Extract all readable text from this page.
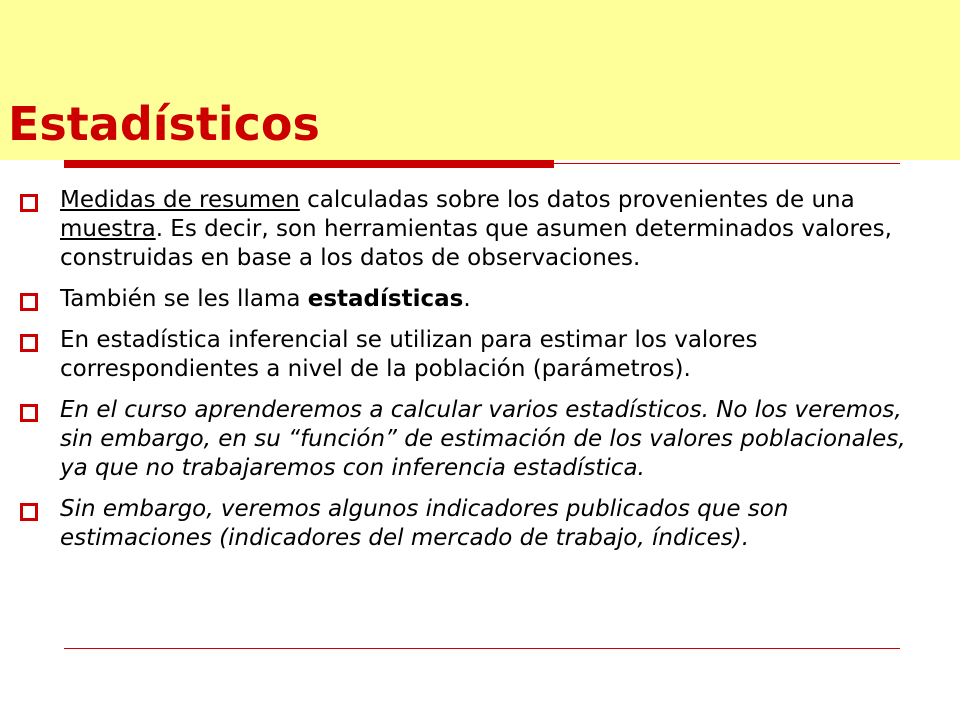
Estadísticos
Medidas de resumen calculadas sobre los datos provenientes de una muestra. Es decir, son herramientas que asumen determinados valores, construidas en base a los datos de observaciones.
También se les llama estadísticas.
En estadística inferencial se utilizan para estimar los valores correspondientes a nivel de la población (parámetros).
En el curso aprenderemos a calcular varios estadísticos. No los veremos, sin embargo, en su “función” de estimación de los valores poblacionales, ya que no trabajaremos con inferencia estadística.
Sin embargo, veremos algunos indicadores publicados que son estimaciones (indicadores del mercado de trabajo, índices).
